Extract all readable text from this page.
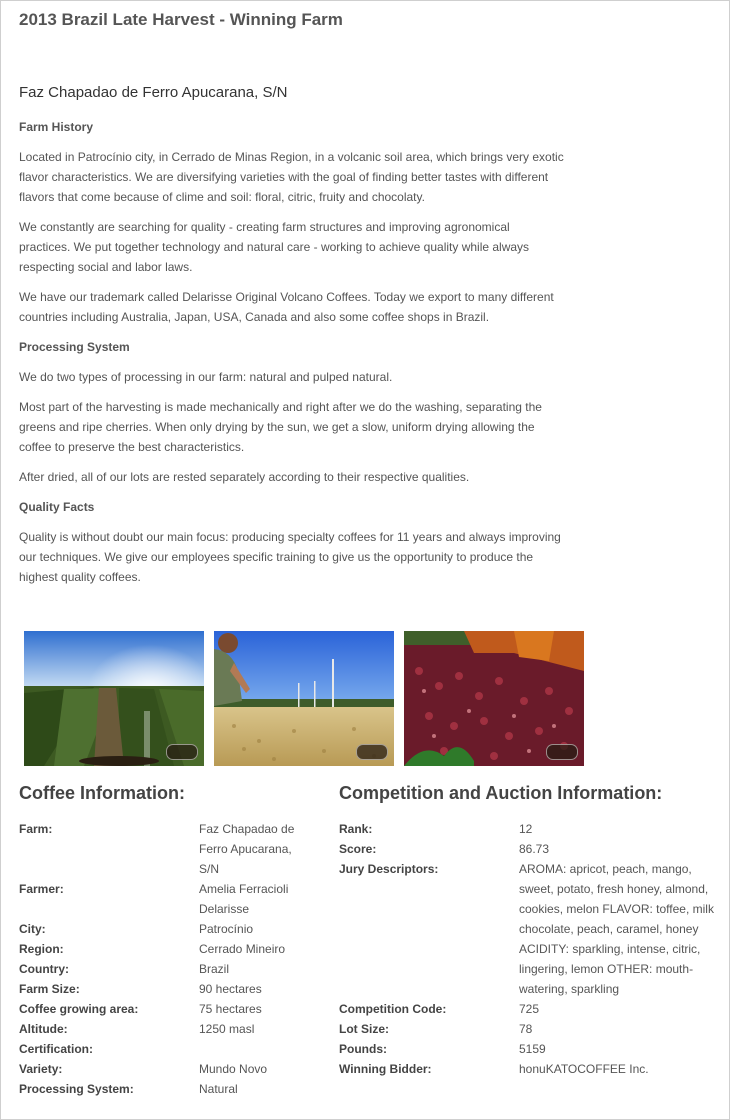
2013 Brazil Late Harvest - Winning Farm
Faz Chapadao de Ferro Apucarana, S/N
Farm History

Located in Patrocínio city, in Cerrado de Minas Region, in a volcanic soil area, which brings very exotic flavor characteristics. We are diversifying varieties with the goal of finding better tastes with different flavors that come because of clime and soil: floral, citric, fruity and chocolaty.

We constantly are searching for quality - creating farm structures and improving agronomical practices. We put together technology and natural care - working to achieve quality while always respecting social and labor laws.

We have our trademark called Delarisse Original Volcano Coffees. Today we export to many different countries including Australia, Japan, USA, Canada and also some coffee shops in Brazil.

Processing System

We do two types of processing in our farm: natural and pulped natural.

Most part of the harvesting is made mechanically and right after we do the washing, separating the greens and ripe cherries. When only drying by the sun, we get a slow, uniform drying allowing the coffee to preserve the best characteristics.

After dried, all of our lots are rested separately according to their respective qualities.

Quality Facts

Quality is without doubt our main focus: producing specialty coffees for 11 years and always improving our techniques. We give our employees specific training to give us the opportunity to produce the highest quality coffees.

Coffee Information:	Competition and Auction Information:
Farm:	Faz Chapadao de Ferro Apucarana, S/N
Farmer:	Amelia Ferracioli Delarisse
City:	Patrocínio
Region:	Cerrado Mineiro
Country:	Brazil
Farm Size:	90 hectares
Coffee growing area:	75 hectares
Altitude:	1250 masl
Certification:	
Variety:	Mundo Novo
Processing System:	Natural
Rank:	12
Score:	86.73
Jury Descriptors:	AROMA: apricot, peach, mango, sweet, potato, fresh honey, almond, cookies, melon FLAVOR: toffee, milk chocolate, peach, caramel, honey ACIDITY: sparkling, intense, citric, lingering, lemon OTHER: mouth-watering, sparkling
Competition Code:	725
Lot Size:	78
Pounds:	5159
Winning Bidder:	honuKATOCOFFEE Inc.
